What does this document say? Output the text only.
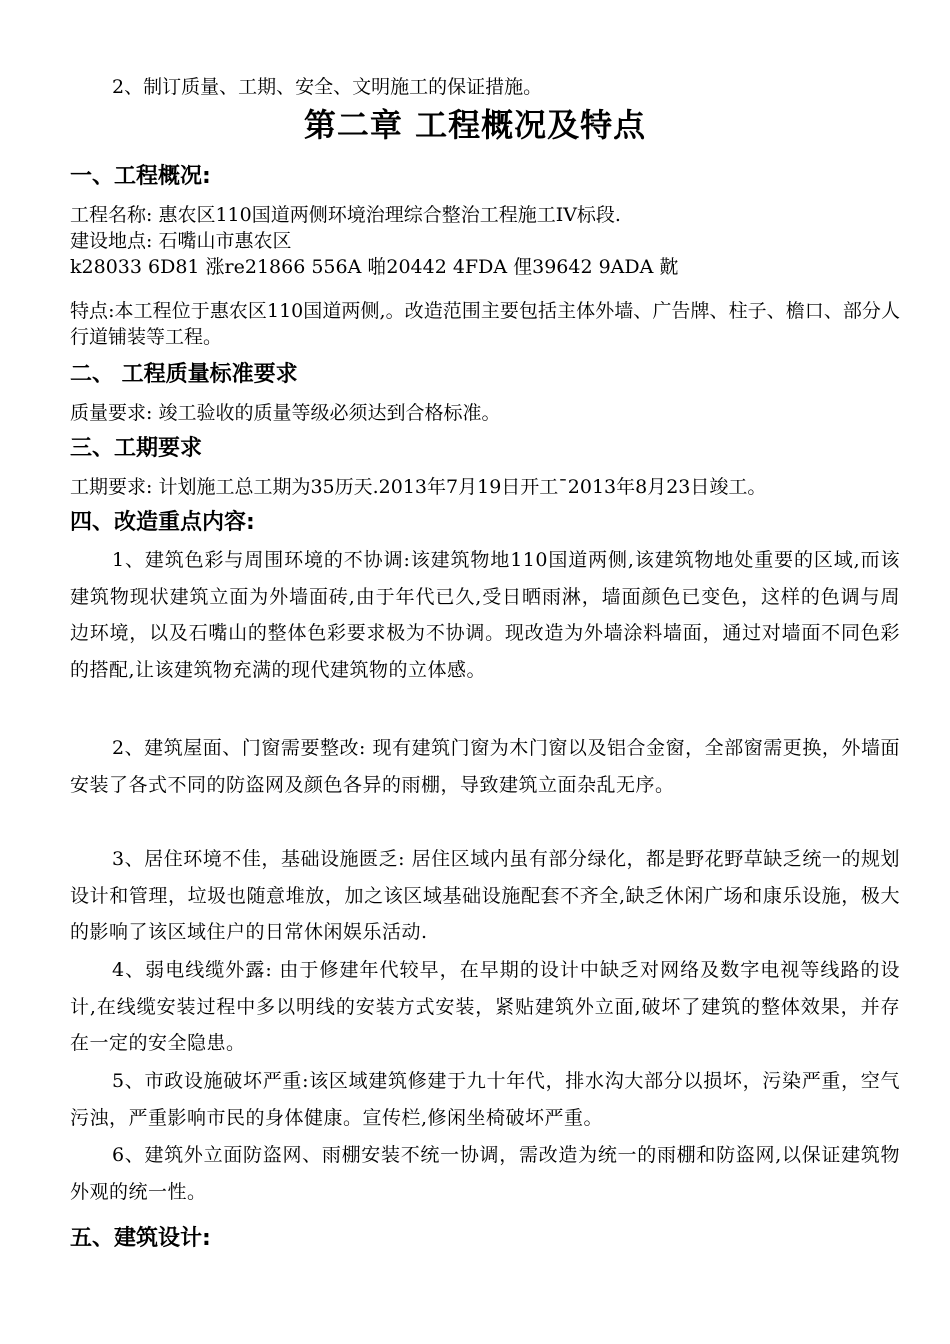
2、制订质量、工期、安全、文明施工的保证措施。
第二章 工程概况及特点
一、工程概况:
工程名称: 惠农区110国道两侧环境治理综合整治工程施工IV标段.
建设地点: 石嘴山市惠农区
k28033 6D81 涨re21866 556A 啪20442 4FDA 俚39642 9ADA 黆
特点:本工程位于惠农区110国道两侧,。改造范围主要包括主体外墙、广告牌、柱子、檐口、部分人行道铺装等工程。
二、 工程质量标准要求
质量要求: 竣工验收的质量等级必须达到合格标准。
三、工期要求
工期要求: 计划施工总工期为35历天.2013年7月19日开工¯2013年8月23日竣工。
四、改造重点内容:
1、建筑色彩与周围环境的不协调:该建筑物地110国道两侧,该建筑物地处重要的区域,而该建筑物现状建筑立面为外墙面砖,由于年代已久,受日晒雨淋，墙面颜色已变色，这样的色调与周边环境，以及石嘴山的整体色彩要求极为不协调。现改造为外墙涂料墙面，通过对墙面不同色彩的搭配,让该建筑物充满的现代建筑物的立体感。
2、建筑屋面、门窗需要整改: 现有建筑门窗为木门窗以及铝合金窗，全部窗需更换，外墙面安装了各式不同的防盗网及颜色各异的雨棚，导致建筑立面杂乱无序。
3、居住环境不佳，基础设施匮乏: 居住区域内虽有部分绿化，都是野花野草缺乏统一的规划设计和管理，垃圾也随意堆放，加之该区域基础设施配套不齐全,缺乏休闲广场和康乐设施，极大的影响了该区域住户的日常休闲娱乐活动.
4、弱电线缆外露: 由于修建年代较早，在早期的设计中缺乏对网络及数字电视等线路的设计,在线缆安装过程中多以明线的安装方式安装，紧贴建筑外立面,破坏了建筑的整体效果，并存在一定的安全隐患。
5、市政设施破坏严重:该区域建筑修建于九十年代，排水沟大部分以损坏，污染严重，空气污浊，严重影响市民的身体健康。宣传栏,修闲坐椅破坏严重。
6、建筑外立面防盗网、雨棚安装不统一协调，需改造为统一的雨棚和防盗网,以保证建筑物外观的统一性。
五、建筑设计:
